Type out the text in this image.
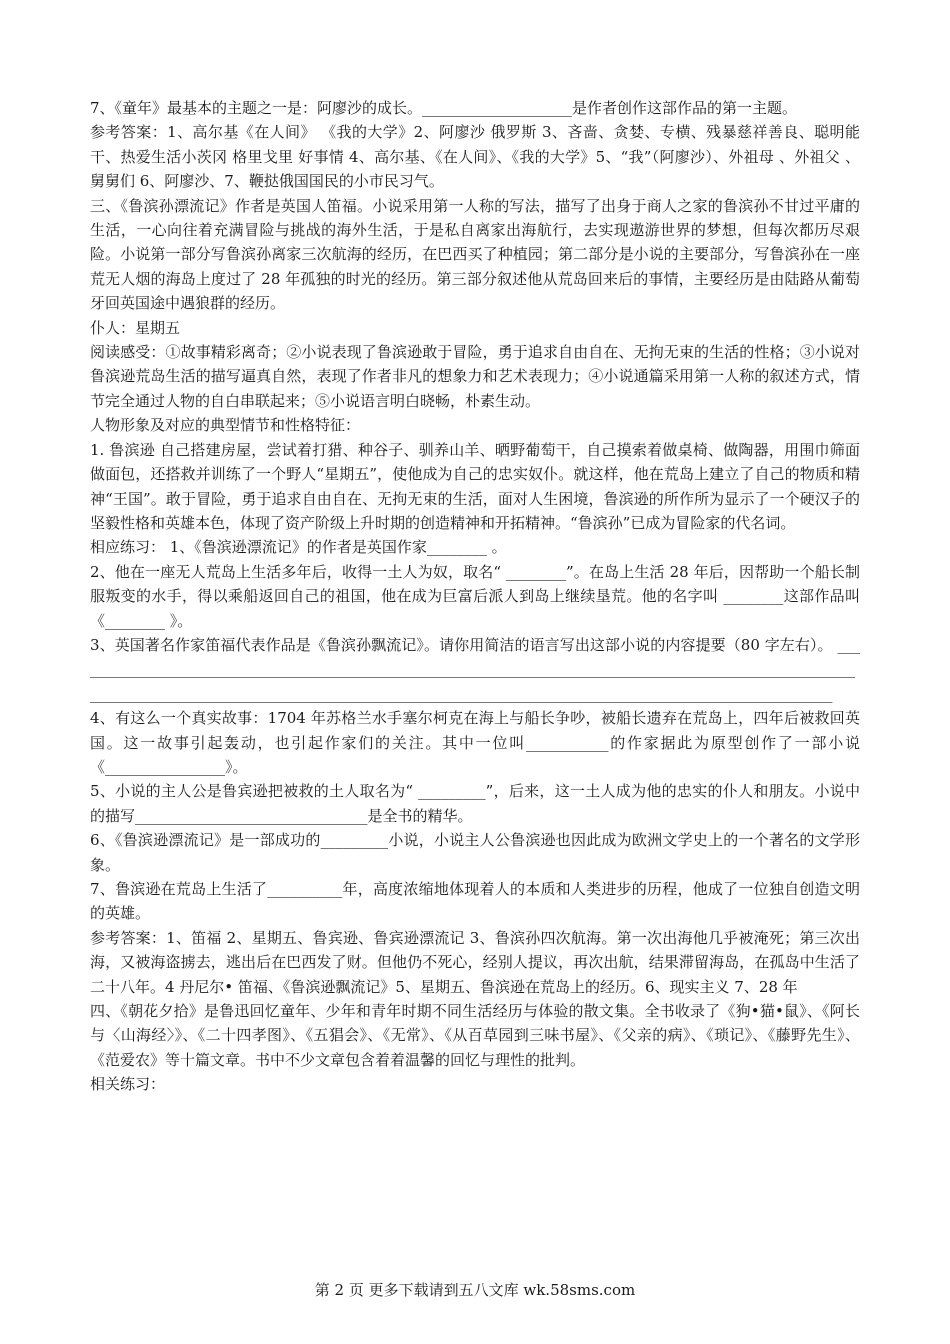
7、《童年》最基本的主题之一是：阿廖沙的成长。____________________是作者创作这部作品的第一主题。

参考答案：1、高尔基《在人间》 《我的大学》2、阿廖沙 俄罗斯 3、吝啬、贪婪、专横、残暴慈祥善良、聪明能干、热爱生活小茨冈 格里戈里 好事情 4、高尔基、《在人间》、《我的大学》5、“我”（阿廖沙）、外祖母 、外祖父 、舅舅们 6、阿廖沙、7、鞭挞俄国国民的小市民习气。

三、《鲁滨孙漂流记》作者是英国人笛福。小说采用第一人称的写法，描写了出身于商人之家的鲁滨孙不甘过平庸的生活，一心向往着充满冒险与挑战的海外生活，于是私自离家出海航行，去实现遨游世界的梦想，但每次都历尽艰险。小说第一部分写鲁滨孙离家三次航海的经历，在巴西买了种植园；第二部分是小说的主要部分，写鲁滨孙在一座荒无人烟的海岛上度过了 28 年孤独的时光的经历。第三部分叙述他从荒岛回来后的事情，主要经历是由陆路从葡萄牙回英国途中遇狼群的经历。

仆人：星期五

阅读感受：①故事精彩离奇；②小说表现了鲁滨逊敢于冒险，勇于追求自由自在、无拘无束的生活的性格；③小说对鲁滨逊荒岛生活的描写逼真自然，表现了作者非凡的想象力和艺术表现力；④小说通篇采用第一人称的叙述方式，情节完全通过人物的自白串联起来；⑤小说语言明白晓畅，朴素生动。

人物形象及对应的典型情节和性格特征：

1. 鲁滨逊 自己搭建房屋，尝试着打猎、种谷子、驯养山羊、晒野葡萄干，自己摸索着做桌椅、做陶器，用围巾筛面做面包，还搭救并训练了一个野人“星期五”，使他成为自己的忠实奴仆。就这样，他在荒岛上建立了自己的物质和精神“王国”。敢于冒险，勇于追求自由自在、无拘无束的生活，面对人生困境，鲁滨逊的所作所为显示了一个硬汉子的坚毅性格和英雄本色，体现了资产阶级上升时期的创造精神和开拓精神。“鲁滨孙”已成为冒险家的代名词。

相应练习： 1、《鲁滨逊漂流记》的作者是英国作家________ 。

2、他在一座无人荒岛上生活多年后，收得一土人为奴，取名“ ________”。在岛上生活 28 年后，因帮助一个船长制服叛变的水手，得以乘船返回自己的祖国，他在成为巨富后派人到岛上继续垦荒。他的名字叫 ________这部作品叫《________ 》。

3、英国著名作家笛福代表作品是《鲁滨孙飘流记》。请你用简洁的语言写出这部小说的内容提要（80 字左右）。 ____________________________________________________________________________________________________________________________________________________________________________________________________________

4、有这么一个真实故事：1704 年苏格兰水手塞尔柯克在海上与船长争吵，被船长遗弃在荒岛上，四年后被救回英国。这一故事引起轰动，也引起作家们的关注。其中一位叫___________的作家据此为原型创作了一部小说《________________》。

5、小说的主人公是鲁宾逊把被救的土人取名为“ _________”，后来，这一土人成为他的忠实的仆人和朋友。小说中的描写_______________________________是全书的精华。

6、《鲁滨逊漂流记》是一部成功的_________小说，小说主人公鲁滨逊也因此成为欧洲文学史上的一个著名的文学形象。

7、鲁滨逊在荒岛上生活了__________年，高度浓缩地体现着人的本质和人类进步的历程，他成了一位独自创造文明的英雄。

参考答案：1、笛福 2、星期五、鲁宾逊、鲁宾逊漂流记 3、鲁滨孙四次航海。第一次出海他几乎被淹死；第三次出海，又被海盗掳去，逃出后在巴西发了财。但他仍不死心，经别人提议，再次出航，结果滞留海岛，在孤岛中生活了二十八年。4 丹尼尔• 笛福、《鲁滨逊飘流记》5、星期五、鲁滨逊在荒岛上的经历。6、现实主义 7、28 年

四、《朝花夕拾》是鲁迅回忆童年、少年和青年时期不同生活经历与体验的散文集。全书收录了《狗•猫•鼠》、《阿长与〈山海经〉》、《二十四孝图》、《五猖会》、《无常》、《从百草园到三味书屋》、《父亲的病》、《琐记》、《藤野先生》、《范爱农》等十篇文章。书中不少文章包含着着温馨的回忆与理性的批判。

相关练习：

第 2 页 更多下载请到五八文库 wk.58sms.com
